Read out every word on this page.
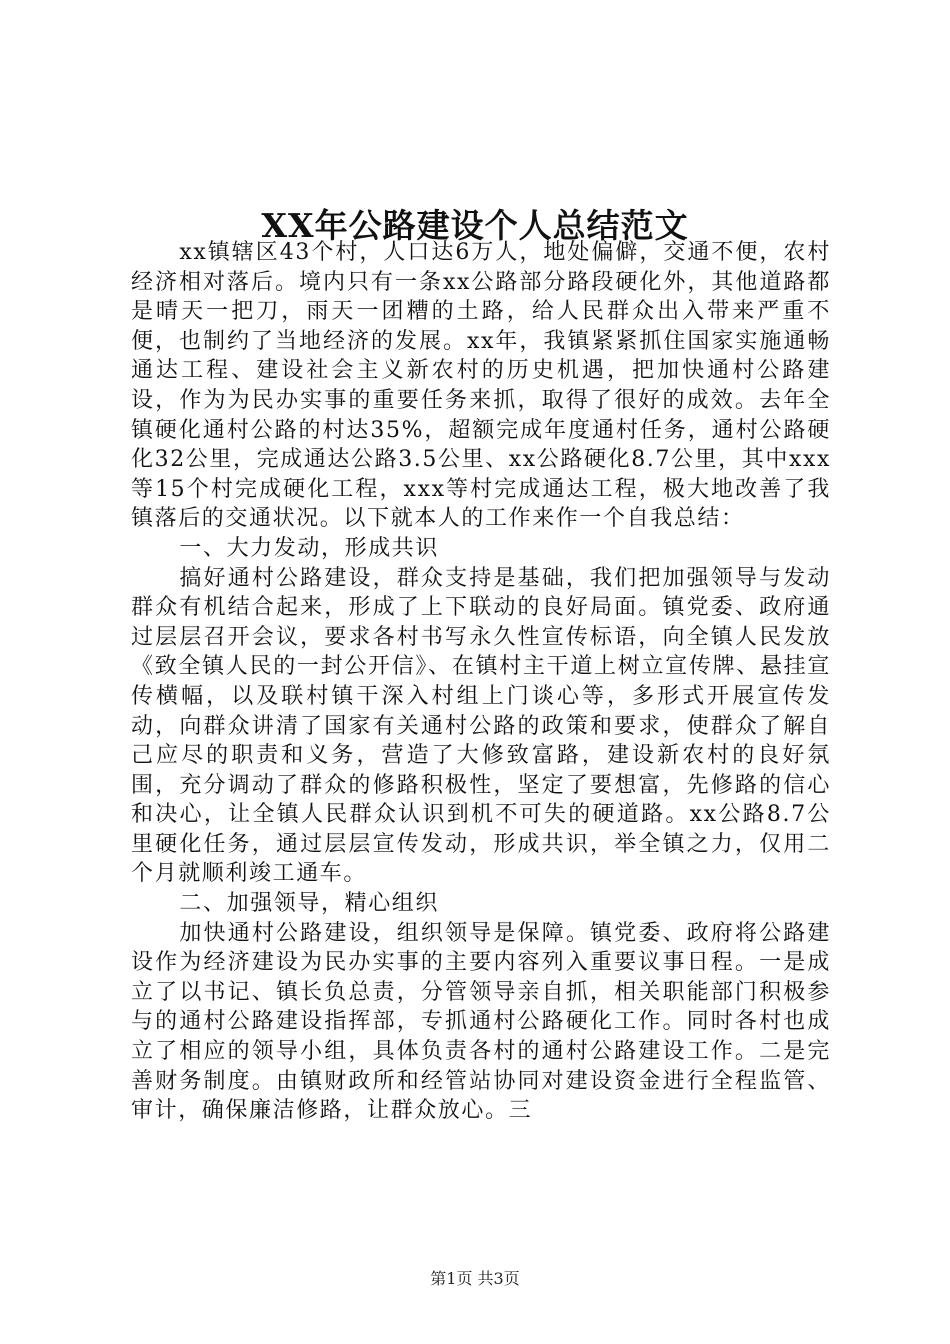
XX年公路建设个人总结范文

xx镇辖区43个村，人口达6万人，地处偏僻，交通不便，农村经济相对落后。境内只有一条xx公路部分路段硬化外，其他道路都是晴天一把刀，雨天一团糟的土路，给人民群众出入带来严重不便，也制约了当地经济的发展。xx年，我镇紧紧抓住国家实施通畅通达工程、建设社会主义新农村的历史机遇，把加快通村公路建设，作为为民办实事的重要任务来抓，取得了很好的成效。去年全镇硬化通村公路的村达35%，超额完成年度通村任务，通村公路硬化32公里，完成通达公路3.5公里、xx公路硬化8.7公里，其中xxx等15个村完成硬化工程，xxx等村完成通达工程，极大地改善了我镇落后的交通状况。以下就本人的工作来作一个自我总结：

一、大力发动，形成共识

搞好通村公路建设，群众支持是基础，我们把加强领导与发动群众有机结合起来，形成了上下联动的良好局面。镇党委、政府通过层层召开会议，要求各村书写永久性宣传标语，向全镇人民发放《致全镇人民的一封公开信》、在镇村主干道上树立宣传牌、悬挂宣传横幅，以及联村镇干深入村组上门谈心等，多形式开展宣传发动，向群众讲清了国家有关通村公路的政策和要求，使群众了解自己应尽的职责和义务，营造了大修致富路，建设新农村的良好氛围，充分调动了群众的修路积极性，坚定了要想富，先修路的信心和决心，让全镇人民群众认识到机不可失的硬道路。xx公路8.7公里硬化任务，通过层层宣传发动，形成共识，举全镇之力，仅用二个月就顺利竣工通车。

二、加强领导，精心组织

加快通村公路建设，组织领导是保障。镇党委、政府将公路建设作为经济建设为民办实事的主要内容列入重要议事日程。一是成立了以书记、镇长负总责，分管领导亲自抓，相关职能部门积极参与的通村公路建设指挥部，专抓通村公路硬化工作。同时各村也成立了相应的领导小组，具体负责各村的通村公路建设工作。二是完善财务制度。由镇财政所和经管站协同对建设资金进行全程监管、审计，确保廉洁修路，让群众放心。三

第1页 共3页
